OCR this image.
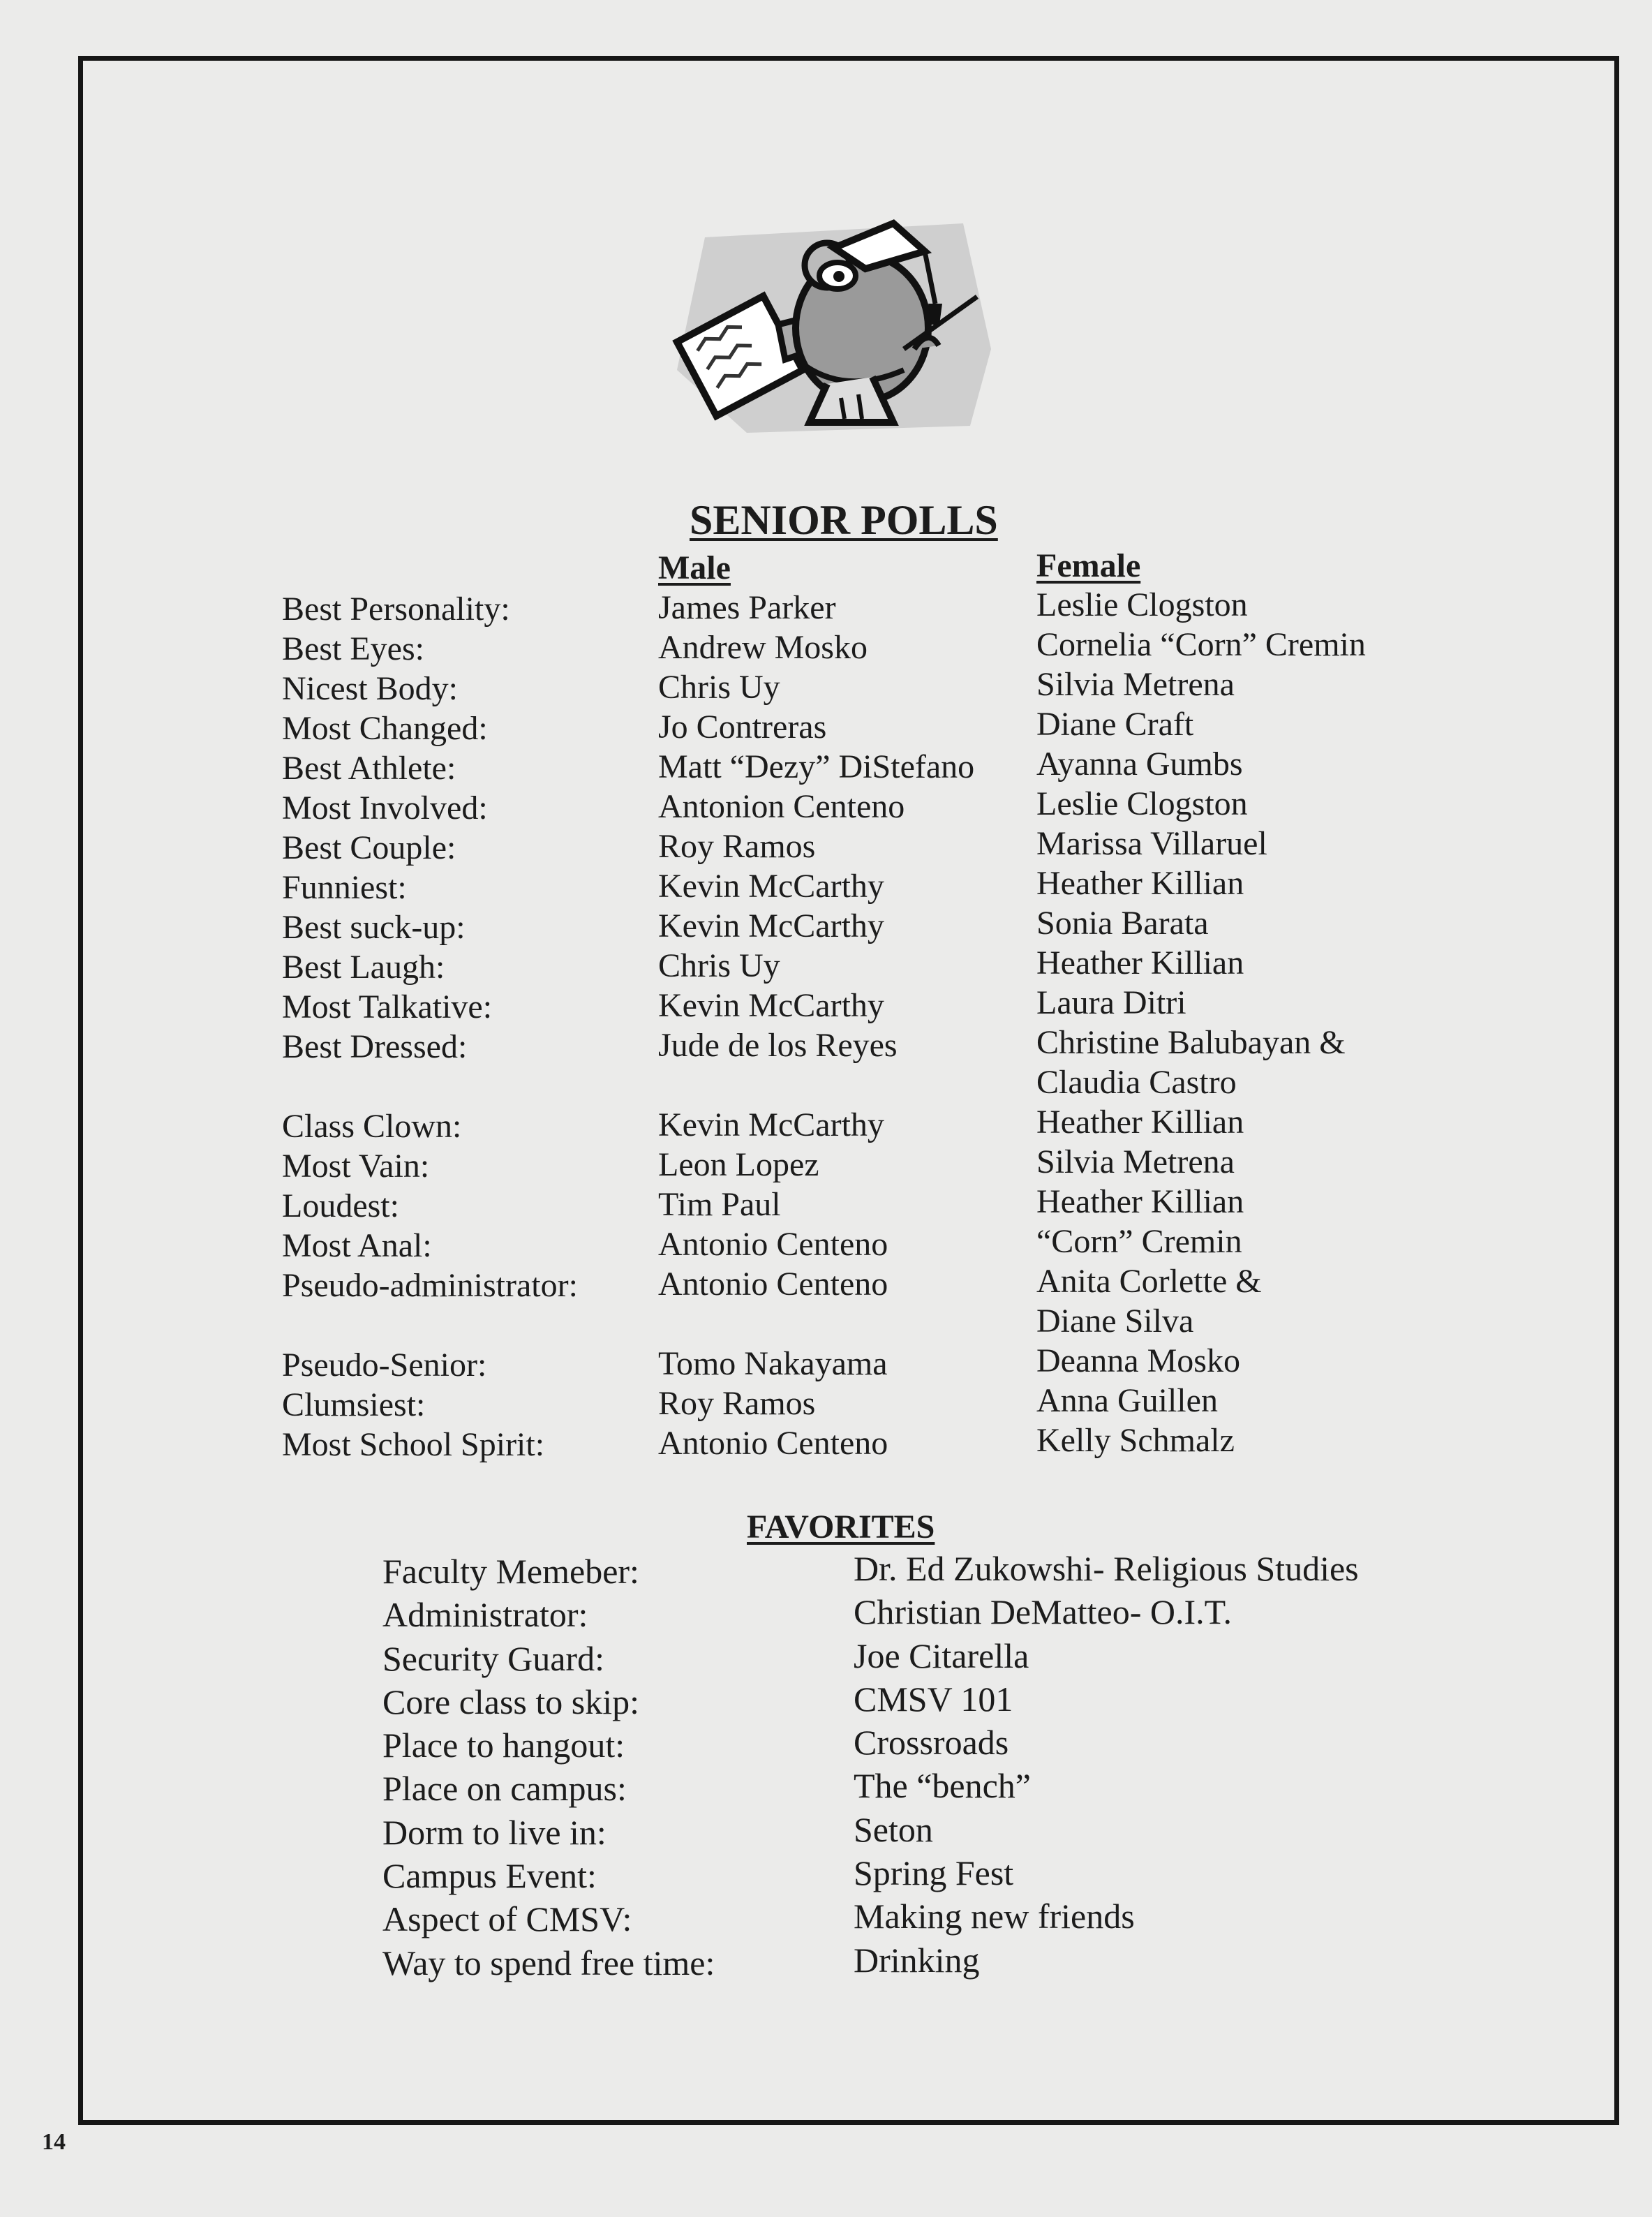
SENIOR POLLS
Male	Female
Best Personality:
Best Eyes:
Nicest Body:
Most Changed:
Best Athlete:
Most Involved:
Best Couple:
Funniest:
Best suck-up:
Best Laugh:
Most Talkative:
Best Dressed:
Class Clown:
Most Vain:
Loudest:
Most Anal:
Pseudo-administrator:
Pseudo-Senior:
Clumsiest:
Most School Spirit:
James Parker
Andrew Mosko
Chris Uy
Jo Contreras
Matt “Dezy” DiStefano
Antonion Centeno
Roy Ramos
Kevin McCarthy
Kevin McCarthy
Chris Uy
Kevin McCarthy
Jude de los Reyes
Kevin McCarthy
Leon Lopez
Tim Paul
Antonio Centeno
Antonio Centeno
Tomo Nakayama
Roy Ramos
Antonio Centeno
Leslie Clogston
Cornelia “Corn” Cremin
Silvia Metrena
Diane Craft
Ayanna Gumbs
Leslie Clogston
Marissa Villaruel
Heather Killian
Sonia Barata
Heather Killian
Laura Ditri
Christine Balubayan &
Claudia Castro
Heather Killian
Silvia Metrena
Heather Killian
“Corn” Cremin
Anita Corlette &
Diane Silva
Deanna Mosko
Anna Guillen
Kelly Schmalz
FAVORITES
Faculty Memeber:
Administrator:
Security Guard:
Core class to skip:
Place to hangout:
Place on campus:
Dorm to live in:
Campus Event:
Aspect of CMSV:
Way to spend free time:
Dr. Ed Zukowshi- Religious Studies
Christian DeMatteo- O.I.T.
Joe Citarella
CMSV 101
Crossroads
The “bench”
Seton
Spring Fest
Making new friends
Drinking
14
